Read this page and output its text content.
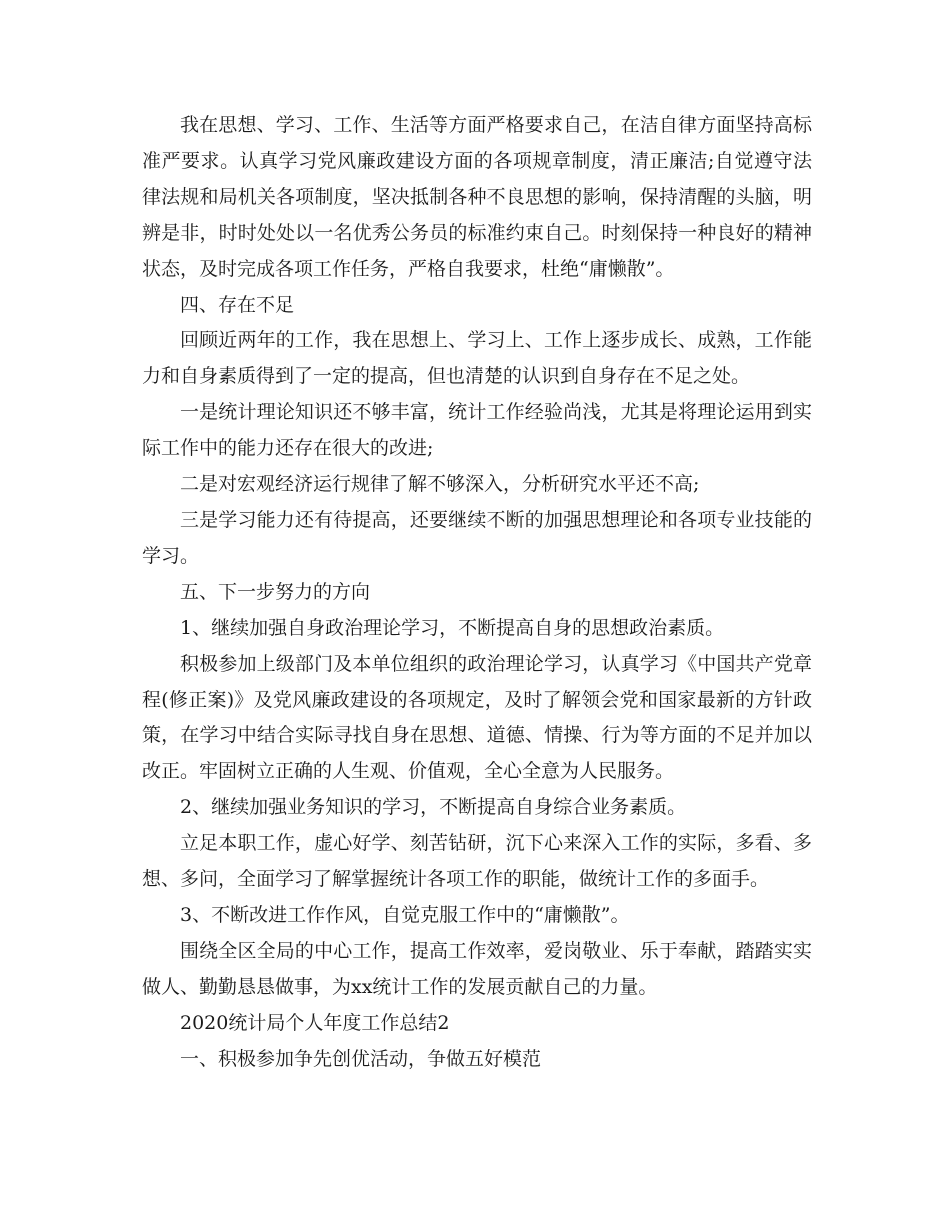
我在思想、学习、工作、生活等方面严格要求自己，在洁自律方面坚持高标准严要求。认真学习党风廉政建设方面的各项规章制度，清正廉洁;自觉遵守法律法规和局机关各项制度，坚决抵制各种不良思想的影响，保持清醒的头脑，明辨是非，时时处处以一名优秀公务员的标准约束自己。时刻保持一种良好的精神状态，及时完成各项工作任务，严格自我要求，杜绝“庸懒散”。

四、存在不足

回顾近两年的工作，我在思想上、学习上、工作上逐步成长、成熟，工作能力和自身素质得到了一定的提高，但也清楚的认识到自身存在不足之处。

一是统计理论知识还不够丰富，统计工作经验尚浅，尤其是将理论运用到实际工作中的能力还存在很大的改进;

二是对宏观经济运行规律了解不够深入，分析研究水平还不高;

三是学习能力还有待提高，还要继续不断的加强思想理论和各项专业技能的学习。

五、下一步努力的方向

1、继续加强自身政治理论学习，不断提高自身的思想政治素质。

积极参加上级部门及本单位组织的政治理论学习，认真学习《中国共产党章程(修正案)》及党风廉政建设的各项规定，及时了解领会党和国家最新的方针政策，在学习中结合实际寻找自身在思想、道德、情操、行为等方面的不足并加以改正。牢固树立正确的人生观、价值观，全心全意为人民服务。

2、继续加强业务知识的学习，不断提高自身综合业务素质。

立足本职工作，虚心好学、刻苦钻研，沉下心来深入工作的实际，多看、多想、多问，全面学习了解掌握统计各项工作的职能，做统计工作的多面手。

3、不断改进工作作风，自觉克服工作中的“庸懒散”。

围绕全区全局的中心工作，提高工作效率，爱岗敬业、乐于奉献，踏踏实实做人、勤勤恳恳做事，为xx统计工作的发展贡献自己的力量。

2020统计局个人年度工作总结2

一、积极参加争先创优活动，争做五好模范
